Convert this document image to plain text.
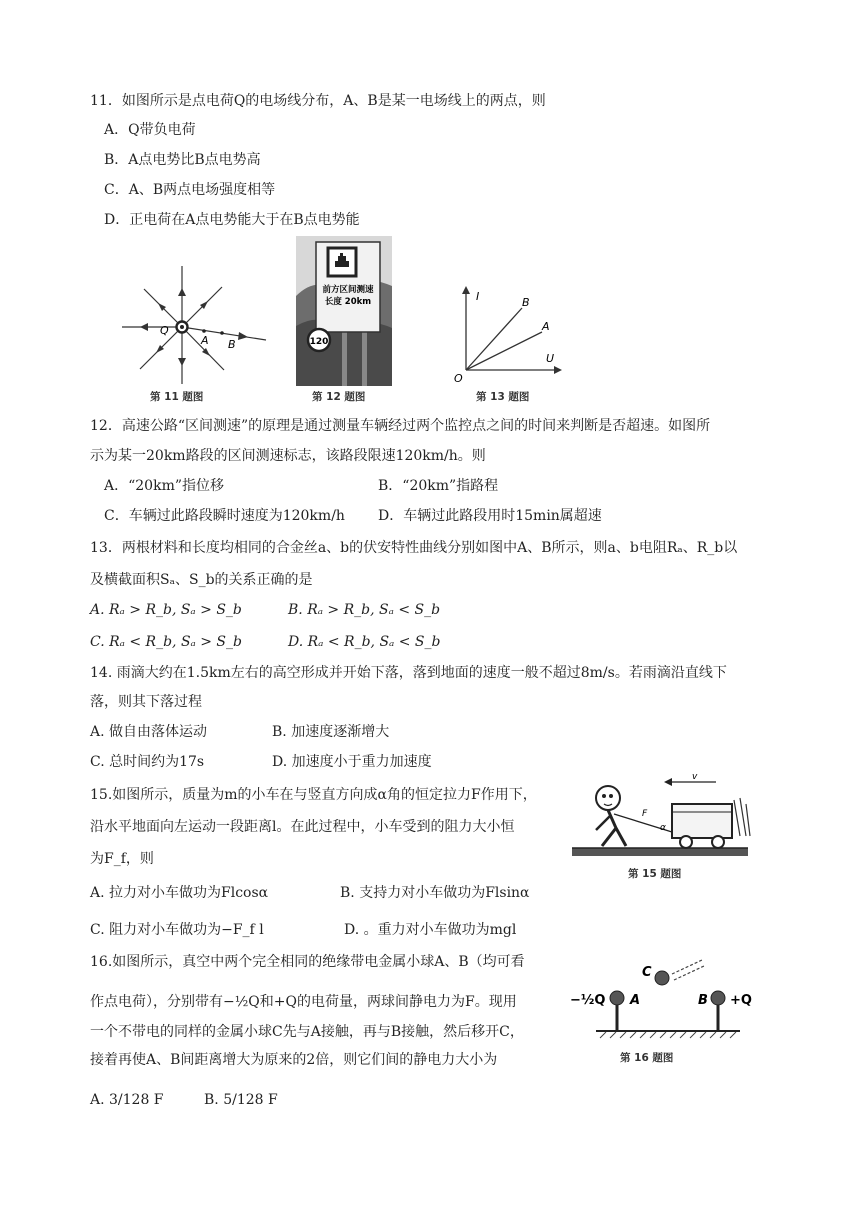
11．如图所示是点电荷Q的电场线分布，A、B是某一电场线上的两点，则
A．Q带负电荷
B．A点电势比B点电势高
C．A、B两点电场强度相等
D．正电荷在A点电势能大于在B点电势能
Q
A B
第 11 题图
前方区间测速
长度 20km
120
第 12 题图
I
U
O
B
A
第 13 题图
12．高速公路“区间测速”的原理是通过测量车辆经过两个监控点之间的时间来判断是否超速。如图所
示为某一20km路段的区间测速标志，该路段限速120km/h。则
A．“20km”指位移	B．“20km”指路程
C．车辆过此路段瞬时速度为120km/h D．车辆过此路段用时15min属超速
13．两根材料和长度均相同的合金丝a、b的伏安特性曲线分别如图中A、B所示，则a、b电阻Rₐ、R_b以
及横截面积Sₐ、S_b的关系正确的是
A. Rₐ > R_b, Sₐ > S_b	B. Rₐ > R_b, Sₐ < S_b
C. Rₐ < R_b, Sₐ > S_b	D. Rₐ < R_b, Sₐ < S_b
14. 雨滴大约在1.5km左右的高空形成并开始下落，落到地面的速度一般不超过8m/s。若雨滴沿直线下
落，则其下落过程
A. 做自由落体运动	B. 加速度逐渐增大
C. 总时间约为17s	D. 加速度小于重力加速度
15.如图所示，质量为m的小车在与竖直方向成α角的恒定拉力F作用下，
沿水平地面向左运动一段距离l。在此过程中，小车受到的阻力大小恒
为F_f，则
A. 拉力对小车做功为Flcosα	B. 支持力对小车做功为Flsinα
C. 阻力对小车做功为−F_f l	D. 。重力对小车做功为mgl
v
F
α
第 15 题图
16.如图所示，真空中两个完全相同的绝缘带电金属小球A、B（均可看
作点电荷），分别带有−½Q和+Q的电荷量，两球间静电力为F。现用
一个不带电的同样的金属小球C先与A接触，再与B接触，然后移开C，
接着再使A、B间距离增大为原来的2倍，则它们间的静电力大小为
A. 3/128 F	B. 5/128 F
C
−½Q A	B +Q
第 16 题图
